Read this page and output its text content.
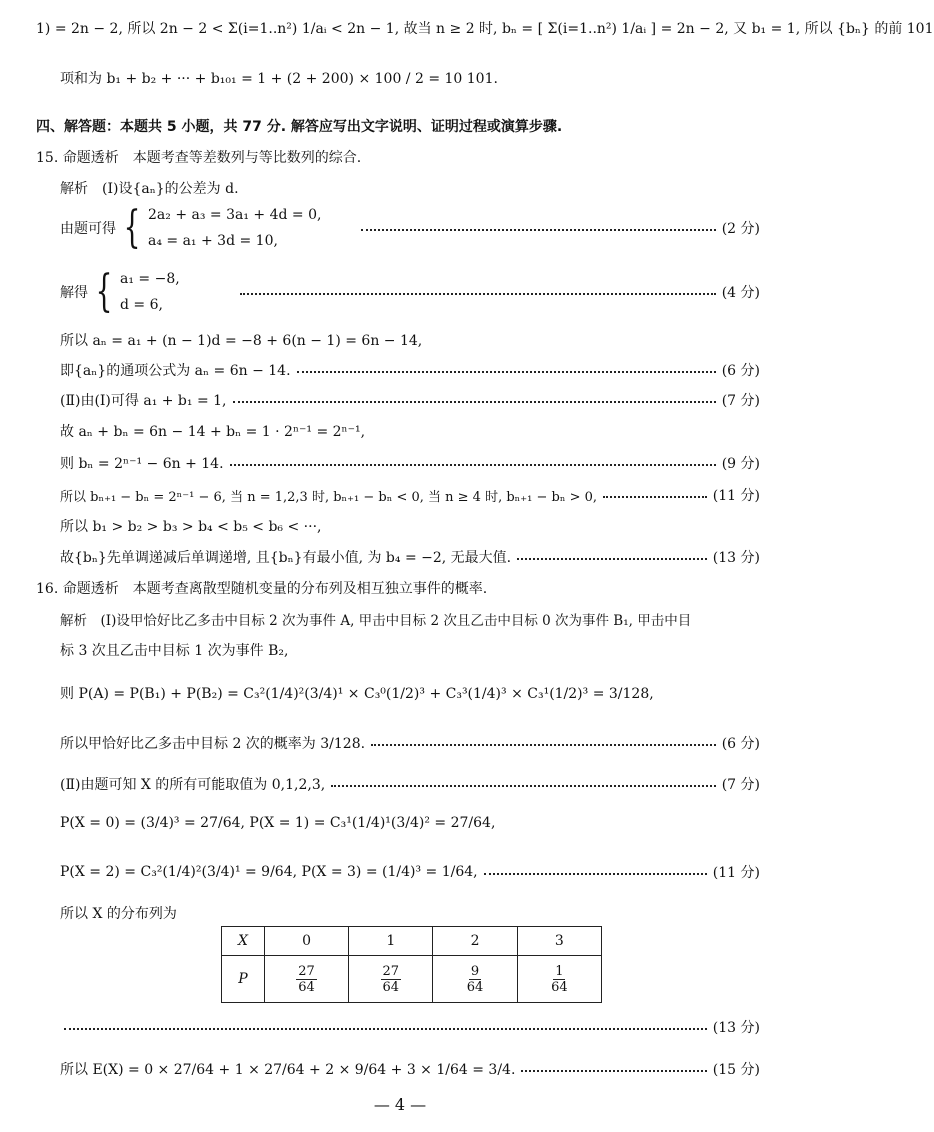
1) = 2n − 2, 所以 2n − 2 < Σ(i=1..n²) 1/aᵢ < 2n − 1, 故当 n ≥ 2 时, bₙ = [ Σ(i=1..n²) 1/aᵢ ] = 2n − 2, 又 b₁ = 1, 所以 {bₙ} 的前 101
项和为 b₁ + b₂ + ··· + b₁₀₁ = 1 + (2 + 200) × 100 / 2 = 10 101.
四、解答题：本题共 5 小题，共 77 分. 解答应写出文字说明、证明过程或演算步骤.
15. 命题透析　本题考查等差数列与等比数列的综合.
解析　(Ⅰ)设{aₙ}的公差为 d.
由题可得 { 2a₂ + a₃ = 3a₁ + 4d = 0,
a₄ = a₁ + 3d = 10,
(2 分)
解得 { a₁ = −8,
d = 6,
(4 分)
所以 aₙ = a₁ + (n − 1)d = −8 + 6(n − 1) = 6n − 14,
即{aₙ}的通项公式为 aₙ = 6n − 14.	(6 分)
(Ⅱ)由(Ⅰ)可得 a₁ + b₁ = 1,	(7 分)
故 aₙ + bₙ = 6n − 14 + bₙ = 1 · 2ⁿ⁻¹ = 2ⁿ⁻¹,
则 bₙ = 2ⁿ⁻¹ − 6n + 14.	(9 分)
所以 bₙ₊₁ − bₙ = 2ⁿ⁻¹ − 6, 当 n = 1,2,3 时, bₙ₊₁ − bₙ < 0, 当 n ≥ 4 时, bₙ₊₁ − bₙ > 0,	(11 分)
所以 b₁ > b₂ > b₃ > b₄ < b₅ < b₆ < ···,
故{bₙ}先单调递减后单调递增, 且{bₙ}有最小值, 为 b₄ = −2, 无最大值.	(13 分)
16. 命题透析　本题考查离散型随机变量的分布列及相互独立事件的概率.
解析　(Ⅰ)设甲恰好比乙多击中目标 2 次为事件 A, 甲击中目标 2 次且乙击中目标 0 次为事件 B₁, 甲击中目
标 3 次且乙击中目标 1 次为事件 B₂,
则 P(A) = P(B₁) + P(B₂) = C₃²(1/4)²(3/4)¹ × C₃⁰(1/2)³ + C₃³(1/4)³ × C₃¹(1/2)³ = 3/128,
所以甲恰好比乙多击中目标 2 次的概率为 3/128.	(6 分)
(Ⅱ)由题可知 X 的所有可能取值为 0,1,2,3,	(7 分)
P(X = 0) = (3/4)³ = 27/64, P(X = 1) = C₃¹(1/4)¹(3/4)² = 27/64,
P(X = 2) = C₃²(1/4)²(3/4)¹ = 9/64, P(X = 3) = (1/4)³ = 1/64,	(11 分)
所以 X 的分布列为
X	0	1	2	3
P	$\frac{27}{64}$	$\frac{27}{64}$	$\frac{9}{64}$	$\frac{1}{64}$
(13 分)
所以 E(X) = 0 × 27/64 + 1 × 27/64 + 2 × 9/64 + 3 × 1/64 = 3/4.	(15 分)
— 4 —
